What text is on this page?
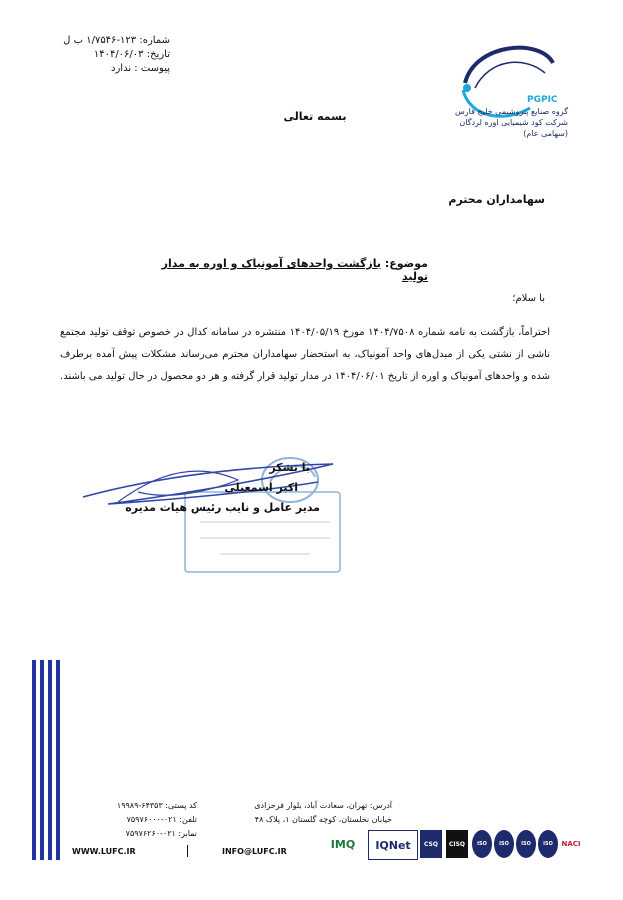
شماره: ۱۲۳-۱/۷۵۴۶ ب ل
تاریخ: ۱۴۰۴/۰۶/۰۳
پیوست : ندارد
PGPIC
گروه صنایع پتروشیمی خلیج فارس
شرکت کود شیمیایی اوره لردگان
(سهامی عام)
بسمه تعالی
سهامداران محترم
موضوع: بازگشت واحدهای آمونیاک و اوره به مدار تولید
با سلام؛
احتراماً، بازگشت به نامه شماره ۱۴۰۴/۷۵۰۸ مورخ ۱۴۰۴/۰۵/۱۹ منتشره در سامانه کدال در خصوص توقف تولید مجتمع ناشی از نشتی یکی از مبدل‌های واحد آمونیاک، به استحضار سهامداران محترم می‌رساند مشکلات پیش آمده برطرف شده و واحدهای آمونیاک و اوره از تاریخ ۱۴۰۴/۰۶/۰۱ در مدار تولید قرار گرفته و هر دو محصول در حال تولید می باشند.
با تشکر
اکبر اسمعیلی
مدیر عامل و نایب رئیس هیات مدیره
کد پستی: ۶۴۳۵۳-۱۹۹۸۹
تلفن: ۰۲۱-۷۵۹۷۶۰۰۰
نمابر: ۰۲۱-۷۵۹۷۶۲۶۰
آدرس: تهران، سعادت آباد، بلوار فرحزادی
خیابان نخلستان، کوچه گلستان ۱، پلاک ۴۸
WWW.LUFC.IR	INFO@LUFC.IR
IMQ	IQNet	CSQ	CISQ	ISO	ISO	ISO	ISO	NACI
